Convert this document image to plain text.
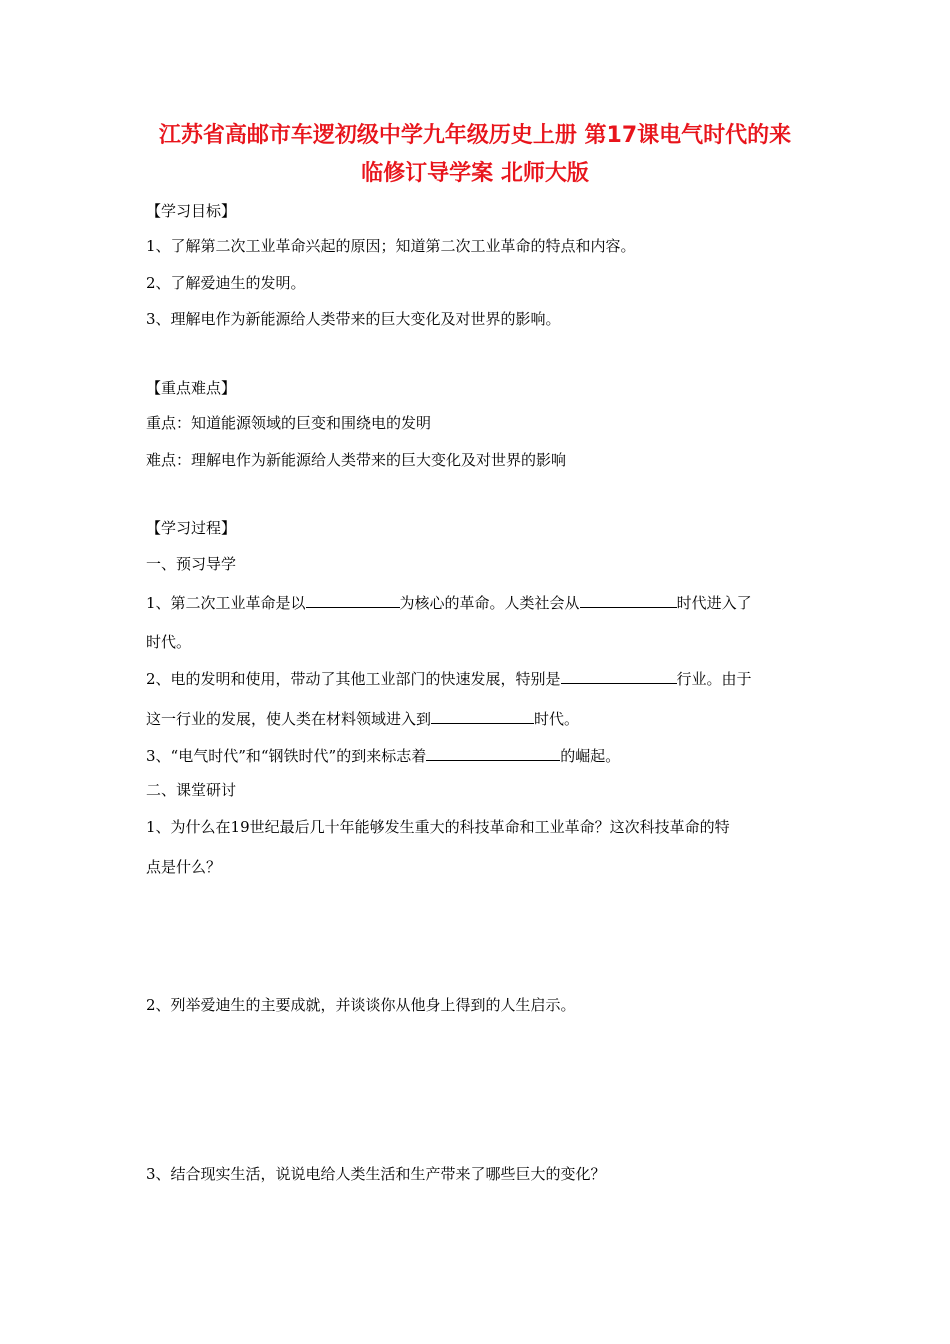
江苏省高邮市车逻初级中学九年级历史上册 第17课电气时代的来
临修订导学案 北师大版
【学习目标】
1、了解第二次工业革命兴起的原因；知道第二次工业革命的特点和内容。
2、了解爱迪生的发明。
3、理解电作为新能源给人类带来的巨大变化及对世界的影响。
【重点难点】
重点：知道能源领域的巨变和围绕电的发明
难点：理解电作为新能源给人类带来的巨大变化及对世界的影响
【学习过程】
一、预习导学
1、第二次工业革命是以	为核心的革命。人类社会从	时代进入了
时代。
2、电的发明和使用，带动了其他工业部门的快速发展，特别是	行业。由于
这一行业的发展，使人类在材料领域进入到	时代。
3、“电气时代”和“钢铁时代”的到来标志着	的崛起。
二、课堂研讨
1、为什么在19世纪最后几十年能够发生重大的科技革命和工业革命？这次科技革命的特
点是什么？
2、列举爱迪生的主要成就，并谈谈你从他身上得到的人生启示。
3、结合现实生活，说说电给人类生活和生产带来了哪些巨大的变化？
